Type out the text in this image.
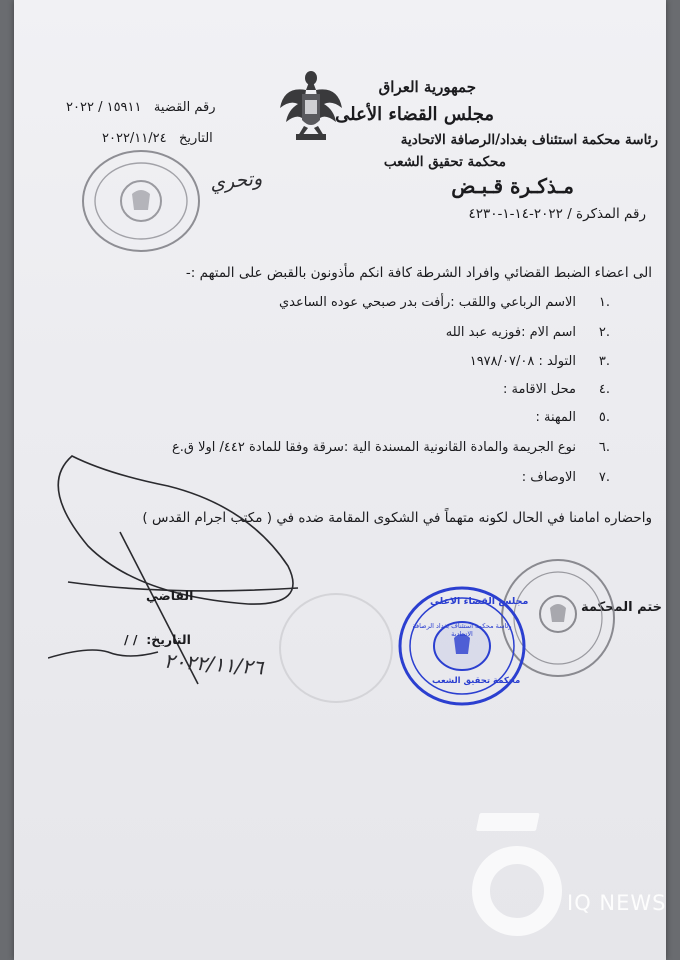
جمهورية العراق
مجلس القضاء الأعلى
رئاسة محكمة استئناف بغداد/الرصافة الاتحادية
محكمة تحقيق الشعب
رقم القضية   ١٥٩١١ / ٢٠٢٢
التاريخ   ٢٠٢٢/١١/٢٤
مـذكـرة قـبـض
وتحري
رقم المذكرة / ٢٠٢٢-١٤-١-٤٢٣٠
الى اعضاء الضبط القضائي وافراد الشرطة كافة انكم مأذونون بالقبض على المتهم :-
١.
الاسم الرباعي واللقب :رأفت بدر صبحي عوده الساعدي
٢.
اسم الام :فوزيه عبد الله
٣.
التولد : ١٩٧٨/٠٧/٠٨
٤.
محل الاقامة :
٥.
المهنة :
٦.
نوع الجريمة والمادة القانونية المسندة الية :سرقة وفقا للمادة ٤٤٢/ اولا ق.ع
٧.
الاوصاف :
واحضاره امامنا في الحال لكونه متهماً في الشكوى المقامة ضده في ( مكتب اجرام القدس )
القاضي
التاريخ:  / /
٢٠٢٢/١١/٢٦
ختم المحكمة
مجلس القضاء الاعلى
رئاسة محكمة استئناف بغداد الرصافة الاتحادية
محكمة تحقيق الشعب
IQ NEWS
